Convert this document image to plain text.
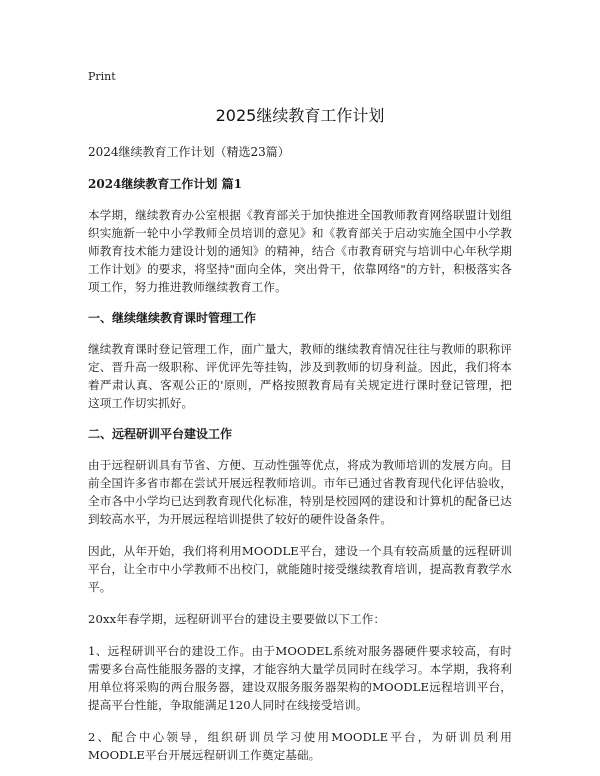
Print
2025继续教育工作计划
2024继续教育工作计划（精选23篇）
2024继续教育工作计划 篇1

本学期，继续教育办公室根据《教育部关于加快推进全国教师教育网络联盟计划组织实施新一轮中小学教师全员培训的意见》和《教育部关于启动实施全国中小学教师教育技术能力建设计划的通知》的精神，结合《市教育研究与培训中心年秋学期工作计划》的要求，将坚持"面向全体，突出骨干，依靠网络"的方针，积极落实各项工作，努力推进教师继续教育工作。

一、继续继续教育课时管理工作

继续教育课时登记管理工作，面广量大，教师的继续教育情况往往与教师的职称评定、晋升高一级职称、评优评先等挂钩，涉及到教师的切身利益。因此，我们将本着严肃认真、客观公正的'原则，严格按照教育局有关规定进行课时登记管理，把这项工作切实抓好。

二、远程研训平台建设工作

由于远程研训具有节省、方便、互动性强等优点，将成为教师培训的发展方向。目前全国许多省市都在尝试开展远程教师培训。市年已通过省教育现代化评估验收，全市各中小学均已达到教育现代化标准，特别是校园网的建设和计算机的配备已达到较高水平，为开展远程培训提供了较好的硬件设备条件。

因此，从年开始，我们将利用MOODLE平台，建设一个具有较高质量的远程研训平台，让全市中小学教师不出校门，就能随时接受继续教育培训，提高教育教学水平。

20xx年春学期，远程研训平台的建设主要要做以下工作：

1、远程研训平台的建设工作。由于MOODEL系统对服务器硬件要求较高，有时需要多台高性能服务器的支撑，才能容纳大量学员同时在线学习。本学期，我将利用单位将采购的两台服务器，建设双服务服务器架构的MOODLE远程培训平台，提高平台性能，争取能满足120人同时在线接受培训。

2、配合中心领导，组织研训员学习使用MOODLE平台，为研训员利用MOODLE平台开展远程研训工作奠定基础。
